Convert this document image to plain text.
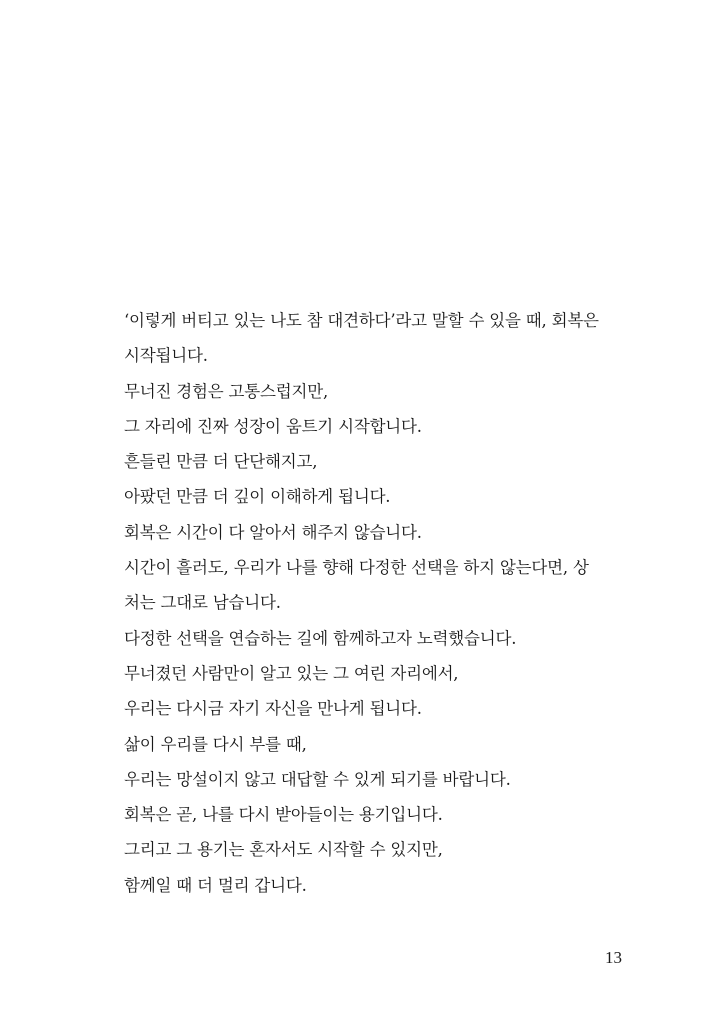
‘이렇게 버티고 있는 나도 참 대견하다’라고 말할 수 있을 때, 회복은
시작됩니다.
무너진 경험은 고통스럽지만,
그 자리에 진짜 성장이 움트기 시작합니다.
흔들린 만큼 더 단단해지고,
아팠던 만큼 더 깊이 이해하게 됩니다.
회복은 시간이 다 알아서 해주지 않습니다.
시간이 흘러도, 우리가 나를 향해 다정한 선택을 하지 않는다면, 상
처는 그대로 남습니다.
다정한 선택을 연습하는 길에 함께하고자 노력했습니다.
무너졌던 사람만이 알고 있는 그 여린 자리에서,
우리는 다시금 자기 자신을 만나게 됩니다.
삶이 우리를 다시 부를 때,
우리는 망설이지 않고 대답할 수 있게 되기를 바랍니다.
회복은 곧, 나를 다시 받아들이는 용기입니다.
그리고 그 용기는 혼자서도 시작할 수 있지만,
함께일 때 더 멀리 갑니다.
13
